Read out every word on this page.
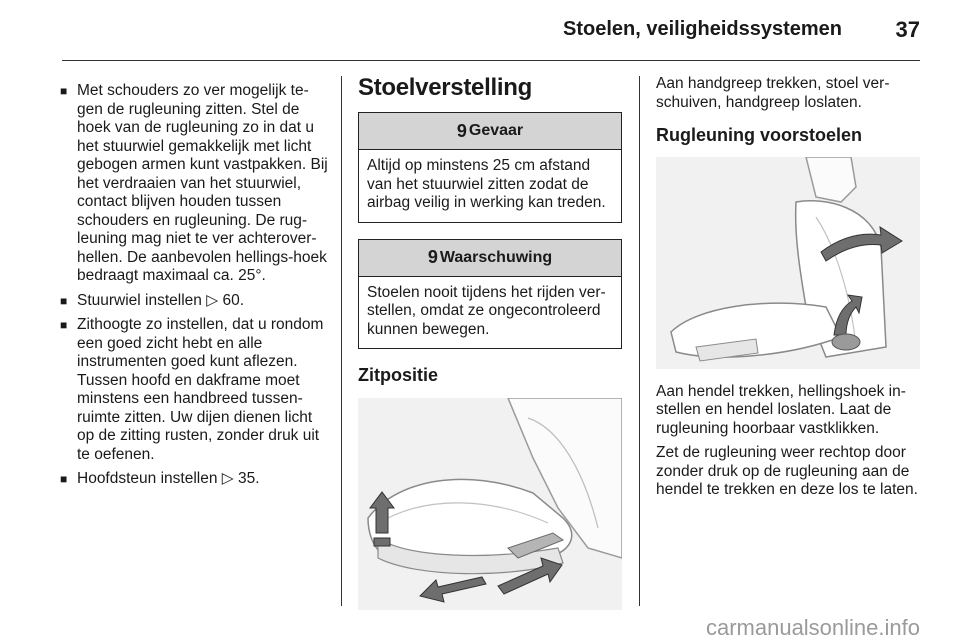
Stoelen, veiligheidssystemen 37
■ Met schouders zo ver mogelijk te-gen de rugleuning zitten. Stel de hoek van de rugleuning zo in dat u het stuurwiel gemakkelijk met licht gebogen armen kunt vastpakken. Bij het verdraaien van het stuurwiel, contact blijven houden tussen schouders en rugleuning. De rug-leuning mag niet te ver achterover-hellen. De aanbevolen hellings-hoek bedraagt maximaal ca. 25°.
■ Stuurwiel instellen ▷ 60.
■ Zithoogte zo instellen, dat u rondom een goed zicht hebt en alle instrumenten goed kunt aflezen. Tussen hoofd en dakframe moet minstens een handbreed tussen-ruimte zitten. Uw dijen dienen licht op de zitting rusten, zonder druk uit te oefenen.
■ Hoofdsteun instellen ▷ 35.
Stoelverstelling
9 Gevaar
Altijd op minstens 25 cm afstand van het stuurwiel zitten zodat de airbag veilig in werking kan treden.
9 Waarschuwing
Stoelen nooit tijdens het rijden ver-stellen, omdat ze ongecontroleerd kunnen bewegen.
Zitpositie

Aan handgreep trekken, stoel ver-schuiven, handgreep loslaten.

Rugleuning voorstoelen

Aan hendel trekken, hellingshoek in-stellen en hendel loslaten. Laat de rugleuning hoorbaar vastklikken.

Zet de rugleuning weer rechtop door zonder druk op de rugleuning aan de hendel te trekken en deze los te laten.

carmanualsonline.info
